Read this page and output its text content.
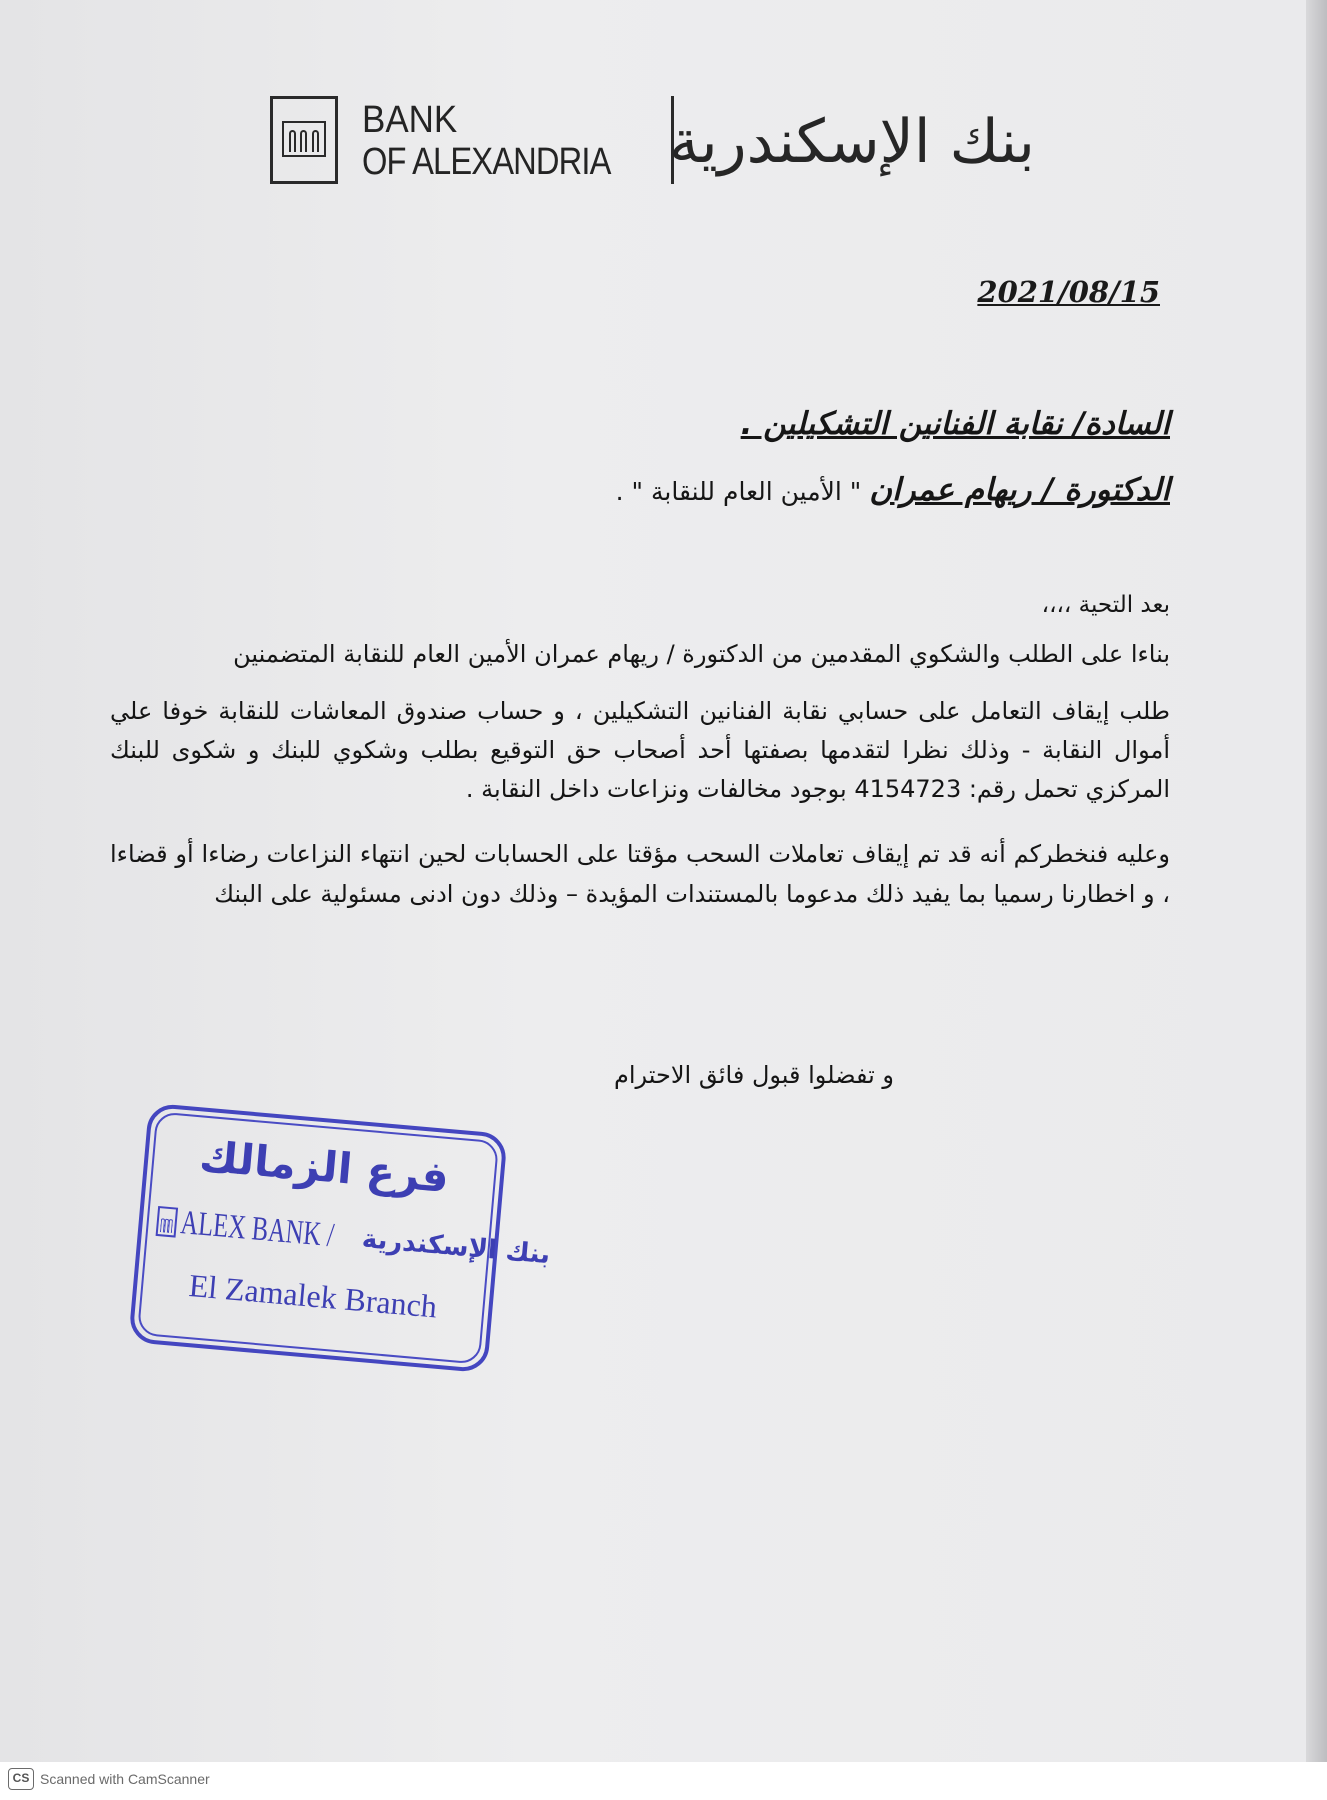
BANK
OF ALEXANDRIA بنك الإسكندرية
2021/08/15
السادة/ نقابة الفنانين التشكيلين .
الدكتورة / ريهام عمران " الأمين العام للنقابة " .
بعد التحية ،،،،
بناءا على الطلب والشكوي المقدمين من الدكتورة / ريهام عمران الأمين العام للنقابة المتضمنين
طلب إيقاف التعامل على حسابي نقابة الفنانين التشكيلين ، و حساب صندوق المعاشات للنقابة خوفا علي أموال النقابة - وذلك نظرا لتقدمها بصفتها أحد أصحاب حق التوقيع بطلب وشكوي للبنك و شكوى للبنك المركزي تحمل رقم: 4154723 بوجود مخالفات ونزاعات داخل النقابة .
وعليه فنخطركم أنه قد تم إيقاف تعاملات السحب مؤقتا على الحسابات لحين انتهاء النزاعات رضاءا أو قضاءا ، و اخطارنا رسميا بما يفيد ذلك مدعوما بالمستندات المؤيدة – وذلك دون ادنى مسئولية على البنك
و تفضلوا قبول فائق الاحترام
فرع الزمالك
ALEX BANK / بنك الإسكندرية
El Zamalek Branch
CS Scanned with CamScanner
